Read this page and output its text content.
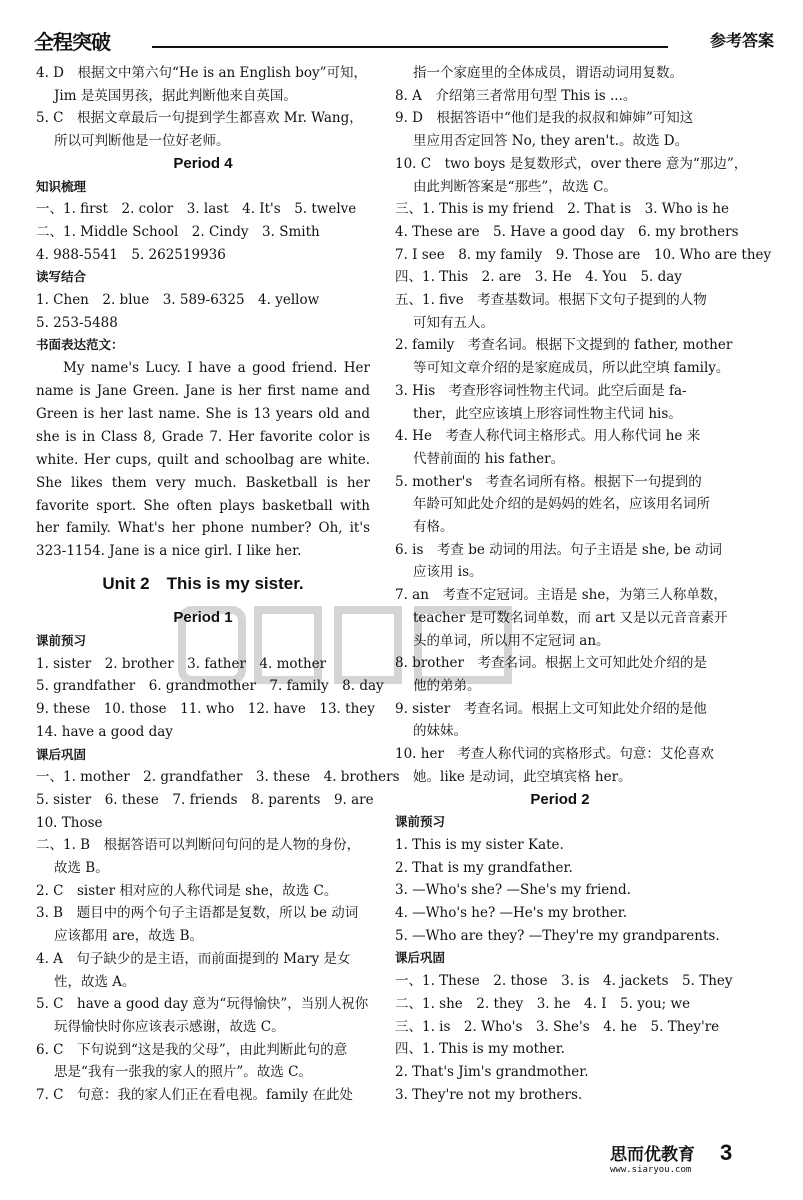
全程突破	参考答案
4. D　根据文中第六句“He is an English boy”可知，
Jim 是英国男孩，据此判断他来自英国。
5. C　根据文章最后一句提到学生都喜欢 Mr. Wang，
所以可判断他是一位好老师。
Period 4
知识梳理
一、1. first　2. color　3. last　4. It's　5. twelve
二、1. Middle School　2. Cindy　3. Smith
4. 988-5541　5. 262519936
读写结合
1. Chen　2. blue　3. 589-6325　4. yellow
5. 253-5488
书面表达范文：
My name's Lucy. I have a good friend. Her name is Jane Green. Jane is her first name and Green is her last name. She is 13 years old and she is in Class 8, Grade 7. Her favorite color is white. Her cups, quilt and schoolbag are white. She likes them very much. Basketball is her favorite sport. She often plays basketball with her family. What's her phone number? Oh, it's 323-1154. Jane is a nice girl. I like her.
Unit 2　This is my sister.
Period 1
课前预习
1. sister　2. brother　3. father　4. mother
5. grandfather　6. grandmother　7. family　8. day
9. these　10. those　11. who　12. have　13. they
14. have a good day
课后巩固
一、1. mother　2. grandfather　3. these　4. brothers
5. sister　6. these　7. friends　8. parents　9. are
10. Those
二、1. B　根据答语可以判断问句问的是人物的身份，
故选 B。
2. C　sister 相对应的人称代词是 she，故选 C。
3. B　题目中的两个句子主语都是复数，所以 be 动词
应该都用 are，故选 B。
4. A　句子缺少的是主语，而前面提到的 Mary 是女
性，故选 A。
5. C　have a good day 意为“玩得愉快”，当别人祝你
玩得愉快时你应该表示感谢，故选 C。
6. C　下句说到“这是我的父母”，由此判断此句的意
思是“我有一张我的家人的照片”。故选 C。
7. C　句意：我的家人们正在看电视。family 在此处
指一个家庭里的全体成员，谓语动词用复数。
8. A　介绍第三者常用句型 This is ...。
9. D　根据答语中“他们是我的叔叔和婶婶”可知这
里应用否定回答 No, they aren't.。故选 D。
10. C　two boys 是复数形式，over there 意为“那边”，
由此判断答案是“那些”，故选 C。
三、1. This is my friend　2. That is　3. Who is he
4. These are　5. Have a good day　6. my brothers
7. I see　8. my family　9. Those are　10. Who are they
四、1. This　2. are　3. He　4. You　5. day
五、1. five　考查基数词。根据下文句子提到的人物
可知有五人。
2. family　考查名词。根据下文提到的 father, mother
等可知文章介绍的是家庭成员，所以此空填 family。
3. His　考查形容词性物主代词。此空后面是 fa-
ther，此空应该填上形容词性物主代词 his。
4. He　考查人称代词主格形式。用人称代词 he 来
代替前面的 his father。
5. mother's　考查名词所有格。根据下一句提到的
年龄可知此处介绍的是妈妈的姓名，应该用名词所
有格。
6. is　考查 be 动词的用法。句子主语是 she, be 动词
应该用 is。
7. an　考查不定冠词。主语是 she，为第三人称单数，
teacher 是可数名词单数，而 art 又是以元音音素开
头的单词，所以用不定冠词 an。
8. brother　考查名词。根据上文可知此处介绍的是
他的弟弟。
9. sister　考查名词。根据上文可知此处介绍的是他
的妹妹。
10. her　考查人称代词的宾格形式。句意：艾伦喜欢
她。like 是动词，此空填宾格 her。
Period 2
课前预习
1. This is my sister Kate.
2. That is my grandfather.
3. —Who's she? —She's my friend.
4. —Who's he? —He's my brother.
5. —Who are they? —They're my grandparents.
课后巩固
一、1. These　2. those　3. is　4. jackets　5. They
二、1. she　2. they　3. he　4. I　5. you; we
三、1. is　2. Who's　3. She's　4. he　5. They're
四、1. This is my mother.
2. That's Jim's grandmother.
3. They're not my brothers.
思而优教育
www.siaryou.com
3
